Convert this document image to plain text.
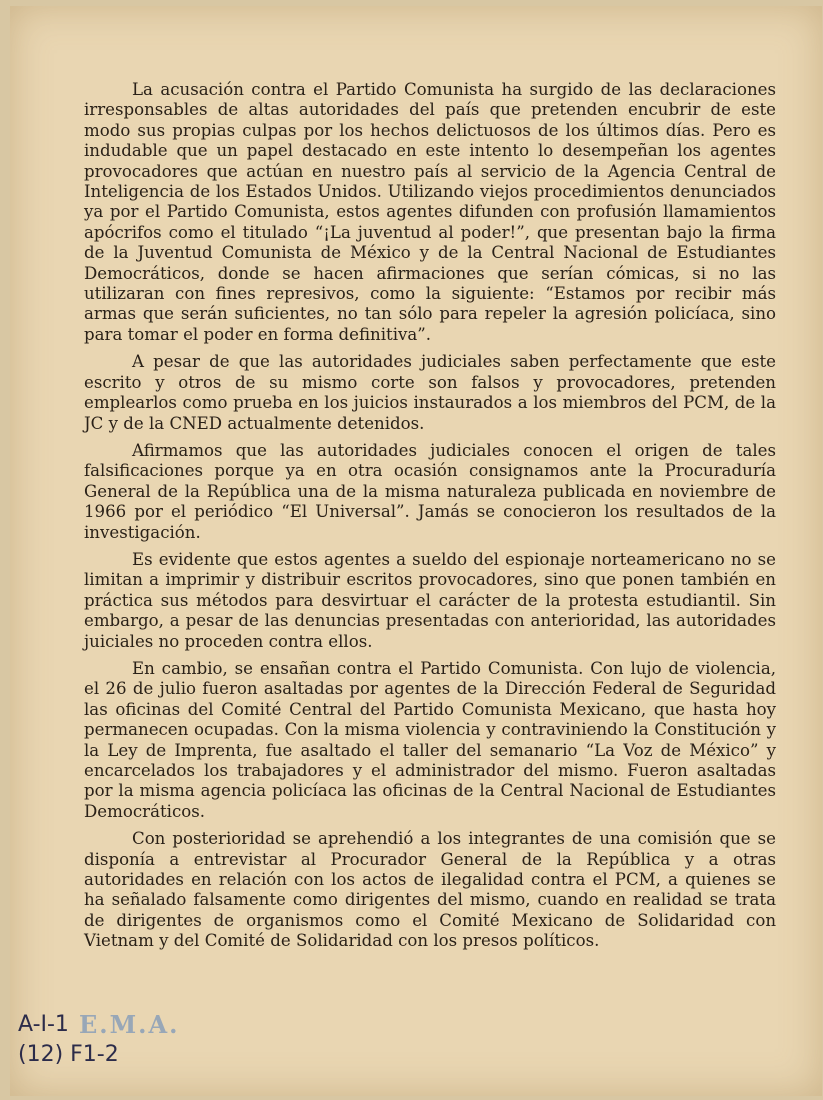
La acusación contra el Partido Comunista ha surgido de las declaraciones irresponsables de altas autoridades del país que pretenden encubrir de este modo sus propias culpas por los hechos delictuosos de los últimos días. Pero es indudable que un papel destacado en este intento lo desempeñan los agentes provocadores que actúan en nuestro país al servicio de la Agencia Central de Inteligencia de los Estados Unidos. Utilizando viejos procedimientos denunciados ya por el Partido Comunista, estos agentes difunden con profusión llamamientos apócrifos como el titulado “¡La juventud al poder!”, que presentan bajo la firma de la Juventud Comunista de México y de la Central Nacional de Estudiantes Democráticos, donde se hacen afirmaciones que serían cómicas, si no las utilizaran con fines represivos, como la siguiente: “Estamos por recibir más armas que serán suficientes, no tan sólo para repeler la agresión policíaca, sino para tomar el poder en forma definitiva”.

A pesar de que las autoridades judiciales saben perfectamente que este escrito y otros de su mismo corte son falsos y provocadores, pretenden emplearlos como prueba en los juicios instaurados a los miembros del PCM, de la JC y de la CNED actualmente detenidos.

Afirmamos que las autoridades judiciales conocen el origen de tales falsificaciones porque ya en otra ocasión consignamos ante la Procuraduría General de la República una de la misma naturaleza publicada en noviembre de 1966 por el periódico “El Universal”. Jamás se conocieron los resultados de la investigación.

Es evidente que estos agentes a sueldo del espionaje norteamericano no se limitan a imprimir y distribuir escritos provocadores, sino que ponen también en práctica sus métodos para desvirtuar el carácter de la protesta estudiantil. Sin embargo, a pesar de las denuncias presentadas con anterioridad, las autoridades juiciales no proceden contra ellos.

En cambio, se ensañan contra el Partido Comunista. Con lujo de violencia, el 26 de julio fueron asaltadas por agentes de la Dirección Federal de Seguridad las oficinas del Comité Central del Partido Comunista Mexicano, que hasta hoy permanecen ocupadas. Con la misma violencia y contraviniendo la Constitución y la Ley de Imprenta, fue asaltado el taller del semanario “La Voz de México” y encarcelados los trabajadores y el administrador del mismo. Fueron asaltadas por la misma agencia policíaca las oficinas de la Central Nacional de Estudiantes Democráticos.

Con posterioridad se aprehendió a los integrantes de una comisión que se disponía a entrevistar al Procurador General de la República y a otras autoridades en relación con los actos de ilegalidad contra el PCM, a quienes se ha señalado falsamente como dirigentes del mismo, cuando en realidad se trata de dirigentes de organismos como el Comité Mexicano de Solidaridad con Vietnam y del Comité de Solidaridad con los presos políticos.

A-I-1 E.M.A.
(12) F1-2
